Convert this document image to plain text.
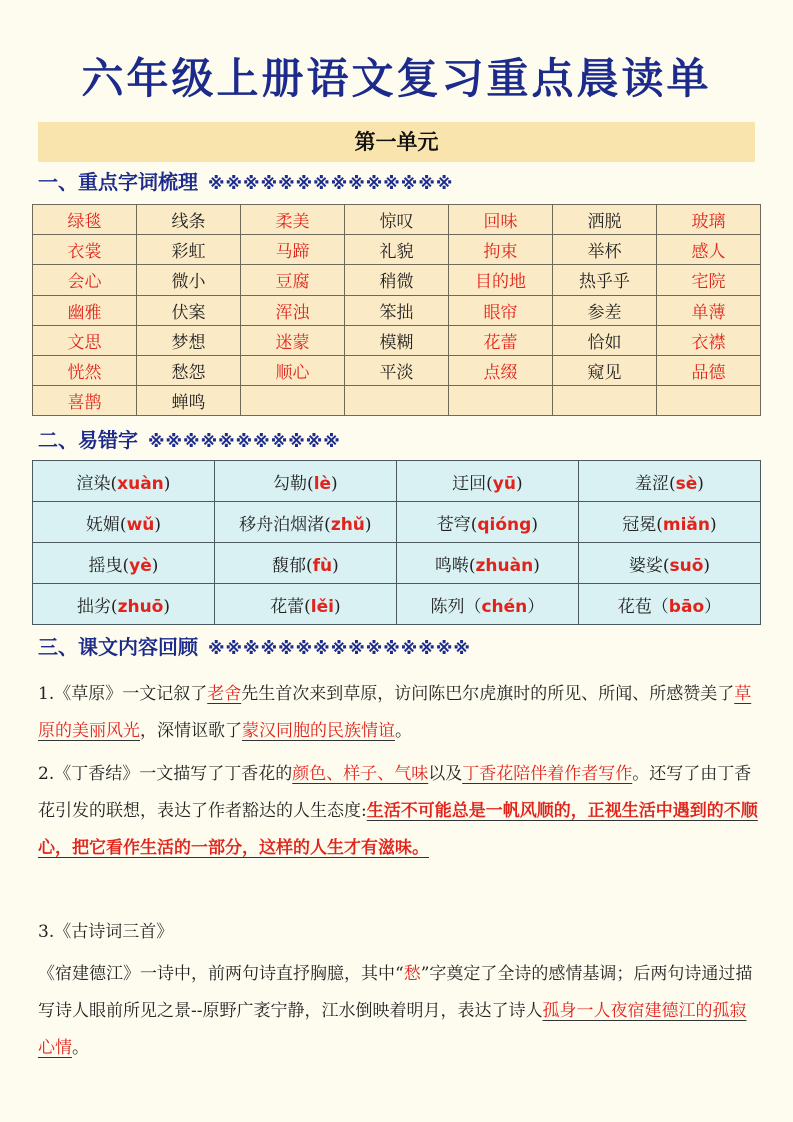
六年级上册语文复习重点晨读单
第一单元
一、重点字词梳理 ※※※※※※※※※※※※※※
绿毯	线条	柔美	惊叹	回味	洒脱	玻璃
衣裳	彩虹	马蹄	礼貌	拘束	举杯	感人
会心	微小	豆腐	稍微	目的地	热乎乎	宅院
幽雅	伏案	浑浊	笨拙	眼帘	参差	单薄
文思	梦想	迷蒙	模糊	花蕾	恰如	衣襟
恍然	愁怨	顺心	平淡	点缀	窥见	品德
喜鹊	蝉鸣					
二、易错字 ※※※※※※※※※※※
渲染(xuàn)	勾勒(lè)	迂回(yū)	羞涩(sè)
妩媚(wǔ)	移舟泊烟渚(zhǔ)	苍穹(qióng)	冠冕(miǎn)
摇曳(yè)	馥郁(fù)	鸣啭(zhuàn)	婆娑(suō)
拙劣(zhuō)	花蕾(lěi)	陈列（chén）	花苞（bāo）
三、课文内容回顾 ※※※※※※※※※※※※※※※
1.《草原》一文记叙了老舍先生首次来到草原，访问陈巴尔虎旗时的所见、所闻、所感赞美了草原的美丽风光，深情讴歌了蒙汉同胞的民族情谊。
2.《丁香结》一文描写了丁香花的颜色、样子、气味以及丁香花陪伴着作者写作。还写了由丁香花引发的联想，表达了作者豁达的人生态度:生活不可能总是一帆风顺的，正视生活中遇到的不顺心，把它看作生活的一部分，这样的人生才有滋味。
3.《古诗词三首》
《宿建德江》一诗中，前两句诗直抒胸臆，其中“愁”字奠定了全诗的感情基调；后两句诗通过描写诗人眼前所见之景--原野广袤宁静，江水倒映着明月，表达了诗人孤身一人夜宿建德江的孤寂心情。
